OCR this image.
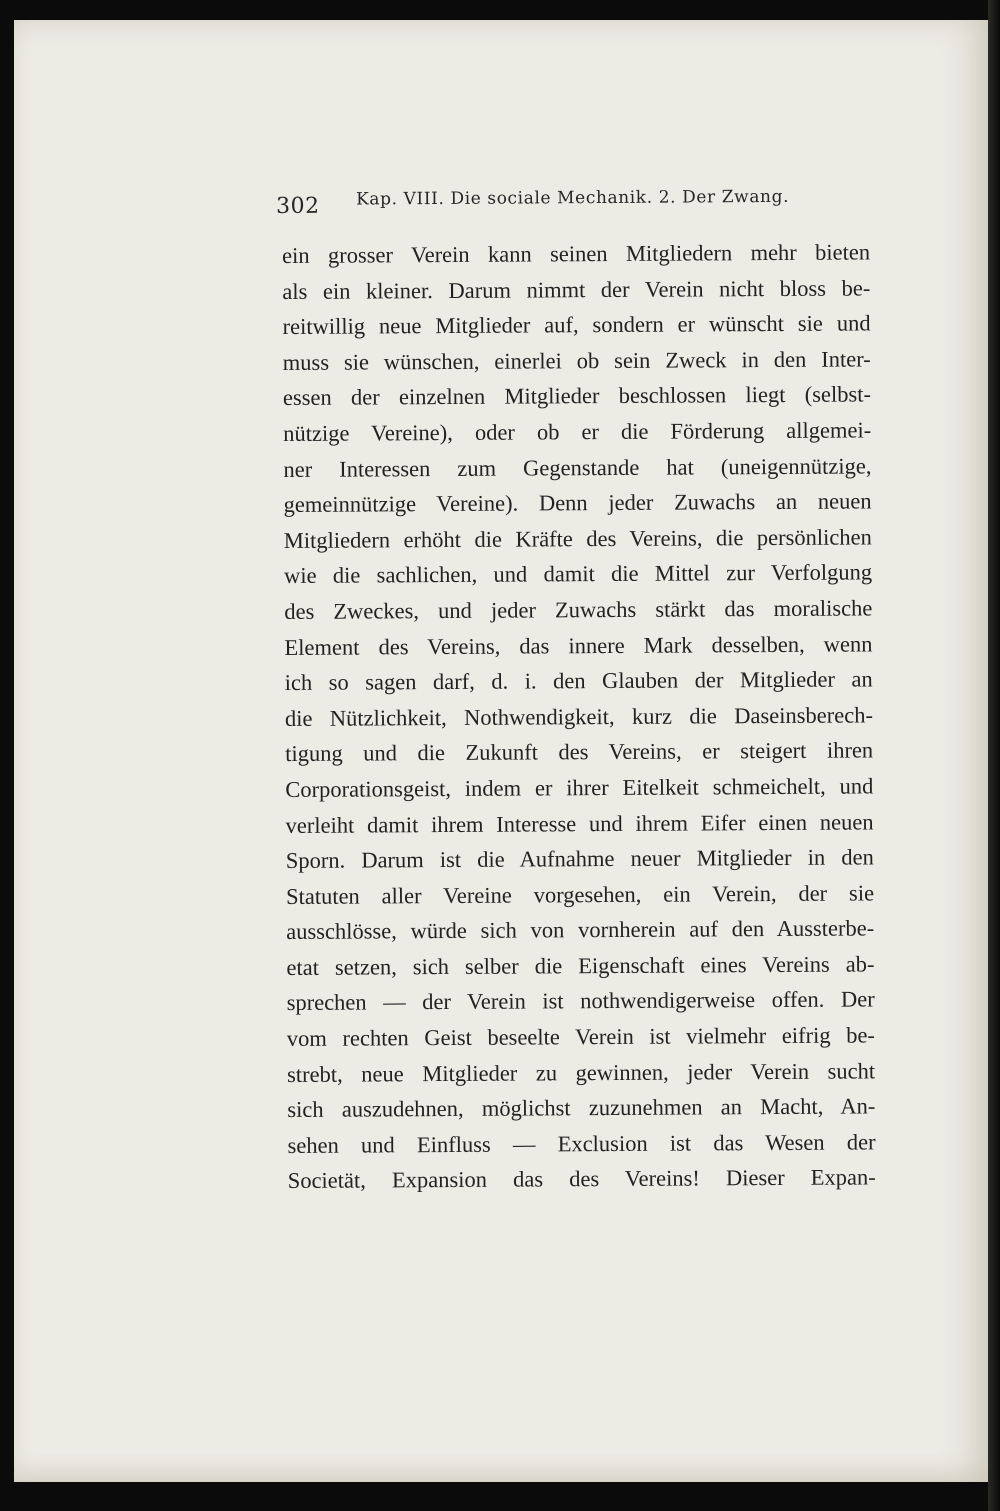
302 Kap. VIII. Die sociale Mechanik. 2. Der Zwang.
ein grosser Verein kann seinen Mitgliedern mehr bieten
als ein kleiner. Darum nimmt der Verein nicht bloss be-
reitwillig neue Mitglieder auf, sondern er wünscht sie und
muss sie wünschen, einerlei ob sein Zweck in den Inter-
essen der einzelnen Mitglieder beschlossen liegt (selbst-
nützige Vereine), oder ob er die Förderung allgemei-
ner Interessen zum Gegenstande hat (uneigennützige,
gemeinnützige Vereine). Denn jeder Zuwachs an neuen
Mitgliedern erhöht die Kräfte des Vereins, die persönlichen
wie die sachlichen, und damit die Mittel zur Verfolgung
des Zweckes, und jeder Zuwachs stärkt das moralische
Element des Vereins, das innere Mark desselben, wenn
ich so sagen darf, d. i. den Glauben der Mitglieder an
die Nützlichkeit, Nothwendigkeit, kurz die Daseinsberech-
tigung und die Zukunft des Vereins, er steigert ihren
Corporationsgeist, indem er ihrer Eitelkeit schmeichelt, und
verleiht damit ihrem Interesse und ihrem Eifer einen neuen
Sporn. Darum ist die Aufnahme neuer Mitglieder in den
Statuten aller Vereine vorgesehen, ein Verein, der sie
ausschlösse, würde sich von vornherein auf den Aussterbe-
etat setzen, sich selber die Eigenschaft eines Vereins ab-
sprechen — der Verein ist nothwendigerweise offen. Der
vom rechten Geist beseelte Verein ist vielmehr eifrig be-
strebt, neue Mitglieder zu gewinnen, jeder Verein sucht
sich auszudehnen, möglichst zuzunehmen an Macht, An-
sehen und Einfluss — Exclusion ist das Wesen der
Societät, Expansion das des Vereins! Dieser Expan-
